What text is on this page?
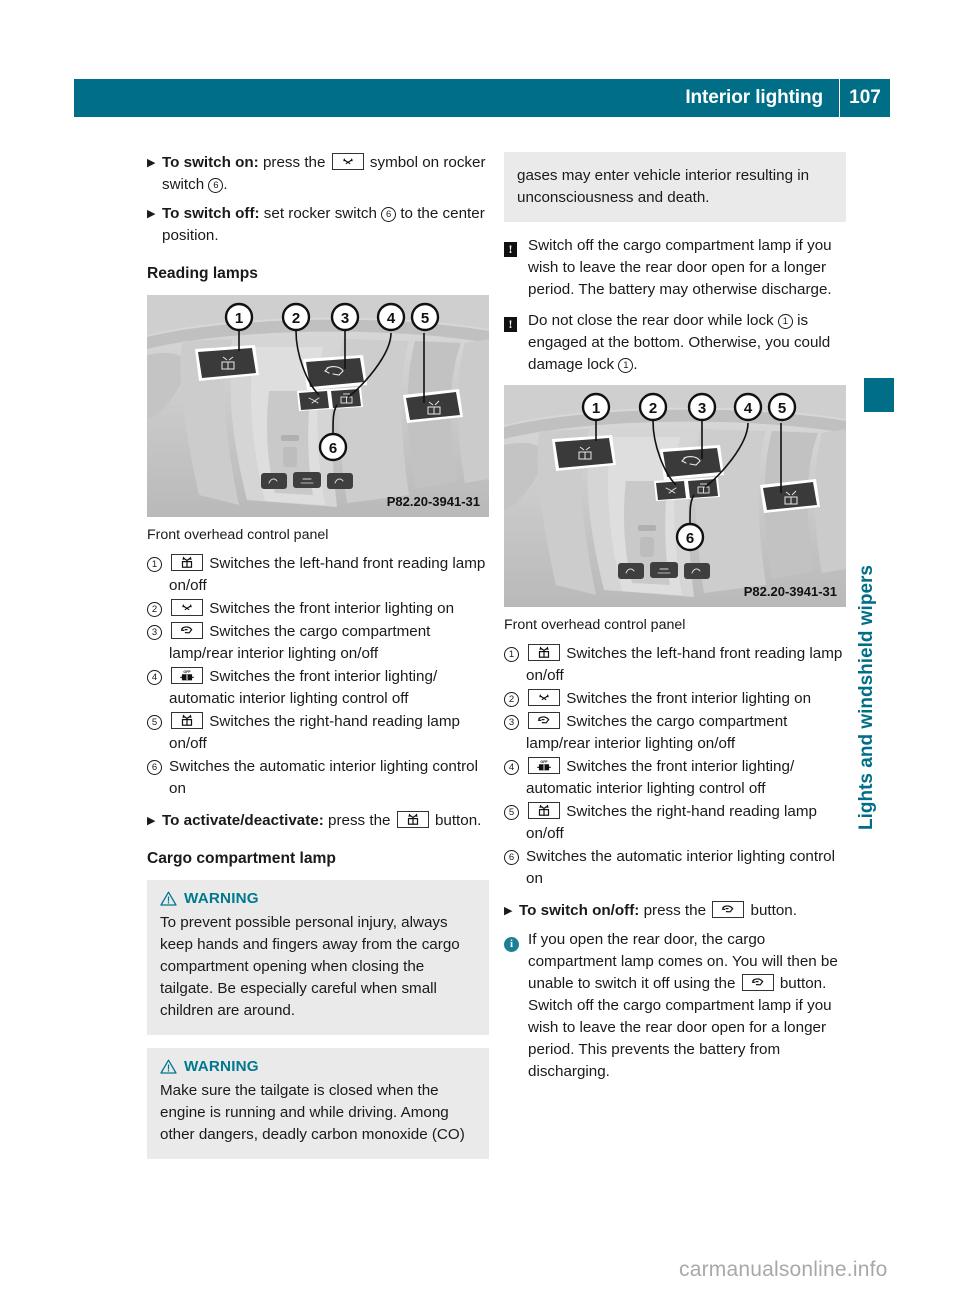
Interior lighting	107
Lights and windshield wipers
▶ To switch on: press the
symbol on rocker switch 6 .
▶ To switch off: set rocker switch 6 to the center position.
Reading lamps
1	2	3	4 5
6
P82.20-3941-31
Front overhead control panel
1	Switches the left-hand front reading lamp on/off
2	Switches the front interior lighting on
3	Switches the cargo compartment lamp/rear interior lighting on/off
4	OFF Switches the front interior lighting/ automatic interior lighting control off
5	Switches the right-hand reading lamp on/off
6 Switches the automatic interior lighting control on
▶ To activate/deactivate: press the
button.
Cargo compartment lamp
WARNING
To prevent possible personal injury, always keep hands and fingers away from the cargo compartment opening when closing the tailgate. Be especially careful when small children are around.
WARNING
Make sure the tailgate is closed when the engine is running and while driving. Among other dangers, deadly carbon monoxide (CO)
gases may enter vehicle interior resulting in unconsciousness and death.
!	Switch off the cargo compartment lamp if you wish to leave the rear door open for a longer period. The battery may otherwise discharge.
!	Do not close the rear door while lock 1 is engaged at the bottom. Otherwise, you could damage lock 1 .
1	2	3	4 5
6
P82.20-3941-31
Front overhead control panel
1	Switches the left-hand front reading lamp on/off
2	Switches the front interior lighting on
3	Switches the cargo compartment lamp/rear interior lighting on/off
4	OFF Switches the front interior lighting/ automatic interior lighting control off
5	Switches the right-hand reading lamp on/off
6 Switches the automatic interior lighting control on
▶ To switch on/off: press the
button.
i If you open the rear door, the cargo compartment lamp comes on. You will then be unable to switch it off using the
button.

Switch off the cargo compartment lamp if you wish to leave the rear door open for a longer period. This prevents the battery from discharging.

carmanualsonline.info
